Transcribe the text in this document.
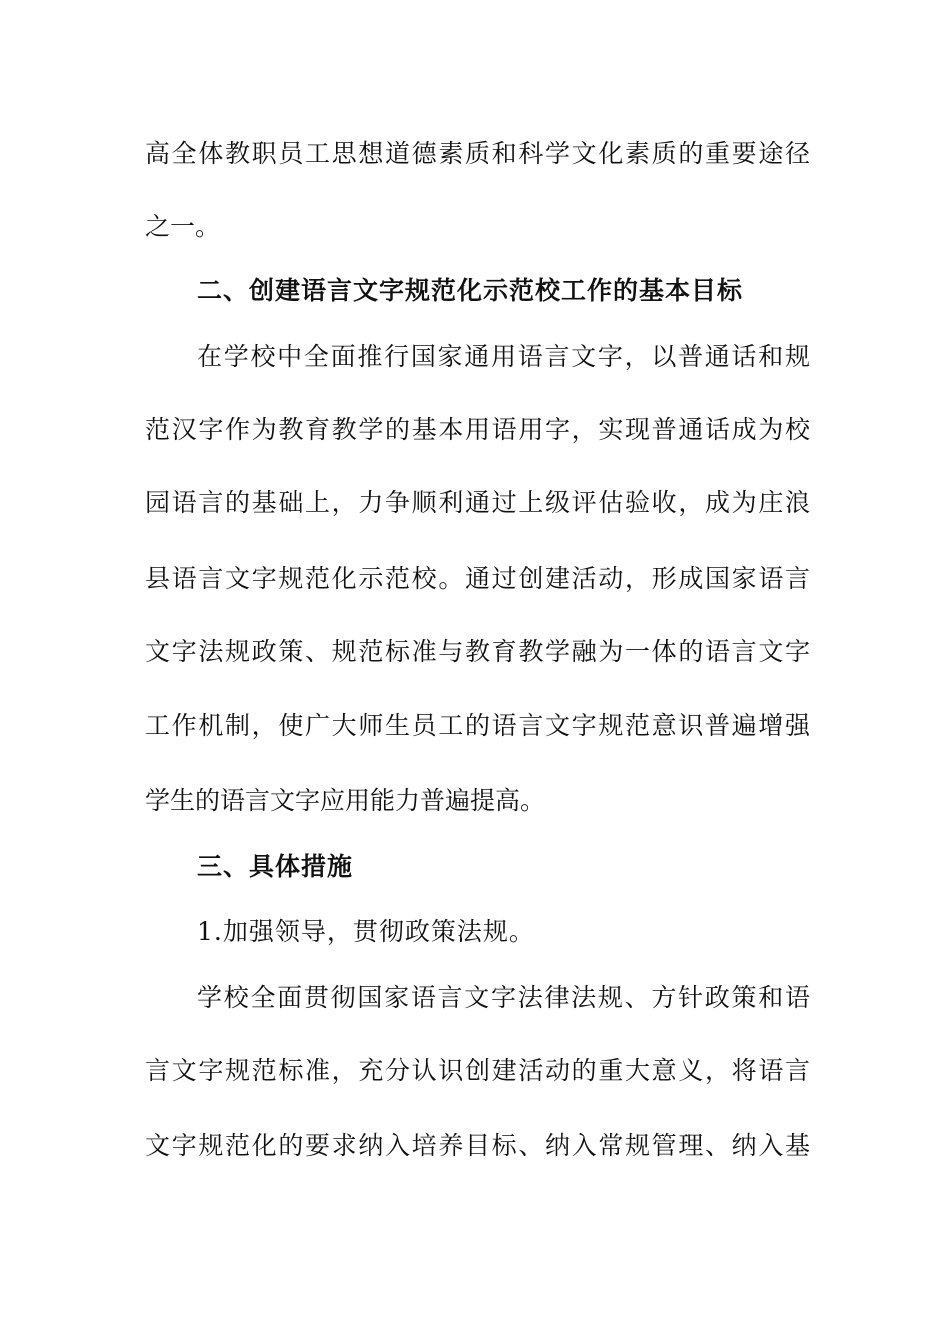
高全体教职员工思想道德素质和科学文化素质的重要途径
之一。
二、创建语言文字规范化示范校工作的基本目标
在学校中全面推行国家通用语言文字，以普通话和规
范汉字作为教育教学的基本用语用字，实现普通话成为校
园语言的基础上，力争顺利通过上级评估验收，成为庄浪
县语言文字规范化示范校。通过创建活动，形成国家语言
文字法规政策、规范标准与教育教学融为一体的语言文字
工作机制，使广大师生员工的语言文字规范意识普遍增强
学生的语言文字应用能力普遍提高。
三、具体措施
1.加强领导，贯彻政策法规。
学校全面贯彻国家语言文字法律法规、方针政策和语
言文字规范标准，充分认识创建活动的重大意义，将语言
文字规范化的要求纳入培养目标、纳入常规管理、纳入基
